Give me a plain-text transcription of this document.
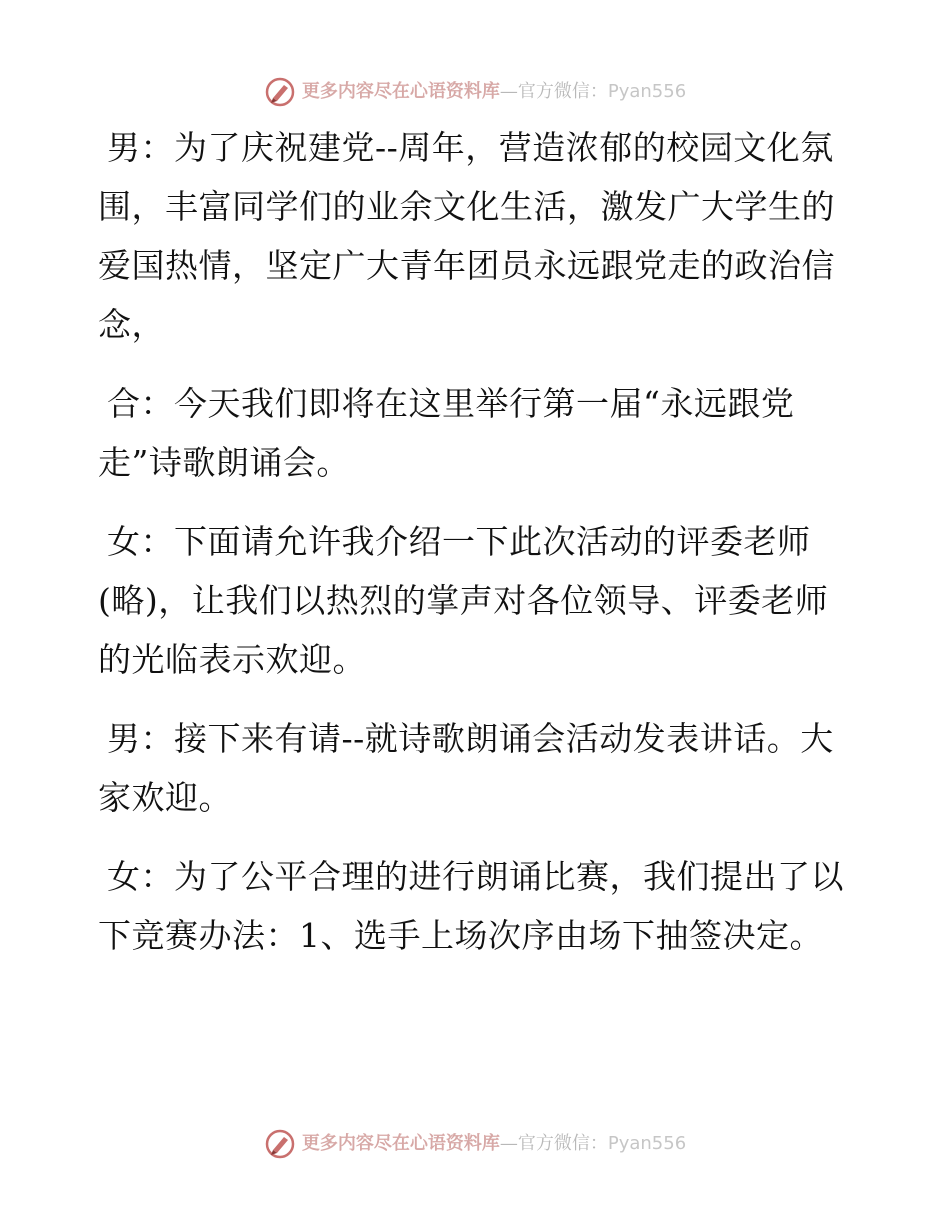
更多内容尽在心语资料库 — 官方微信： Pyan556

男：为了庆祝建党--周年，营造浓郁的校园文化氛围，丰富同学们的业余文化生活，激发广大学生的爱国热情，坚定广大青年团员永远跟党走的政治信念，

合：今天我们即将在这里举行第一届“永远跟党走”诗歌朗诵会。

女：下面请允许我介绍一下此次活动的评委老师(略)，让我们以热烈的掌声对各位领导、评委老师的光临表示欢迎。

男：接下来有请--就诗歌朗诵会活动发表讲话。大家欢迎。

女：为了公平合理的进行朗诵比赛，我们提出了以下竞赛办法：1、选手上场次序由场下抽签决定。

更多内容尽在心语资料库 — 官方微信： Pyan556
